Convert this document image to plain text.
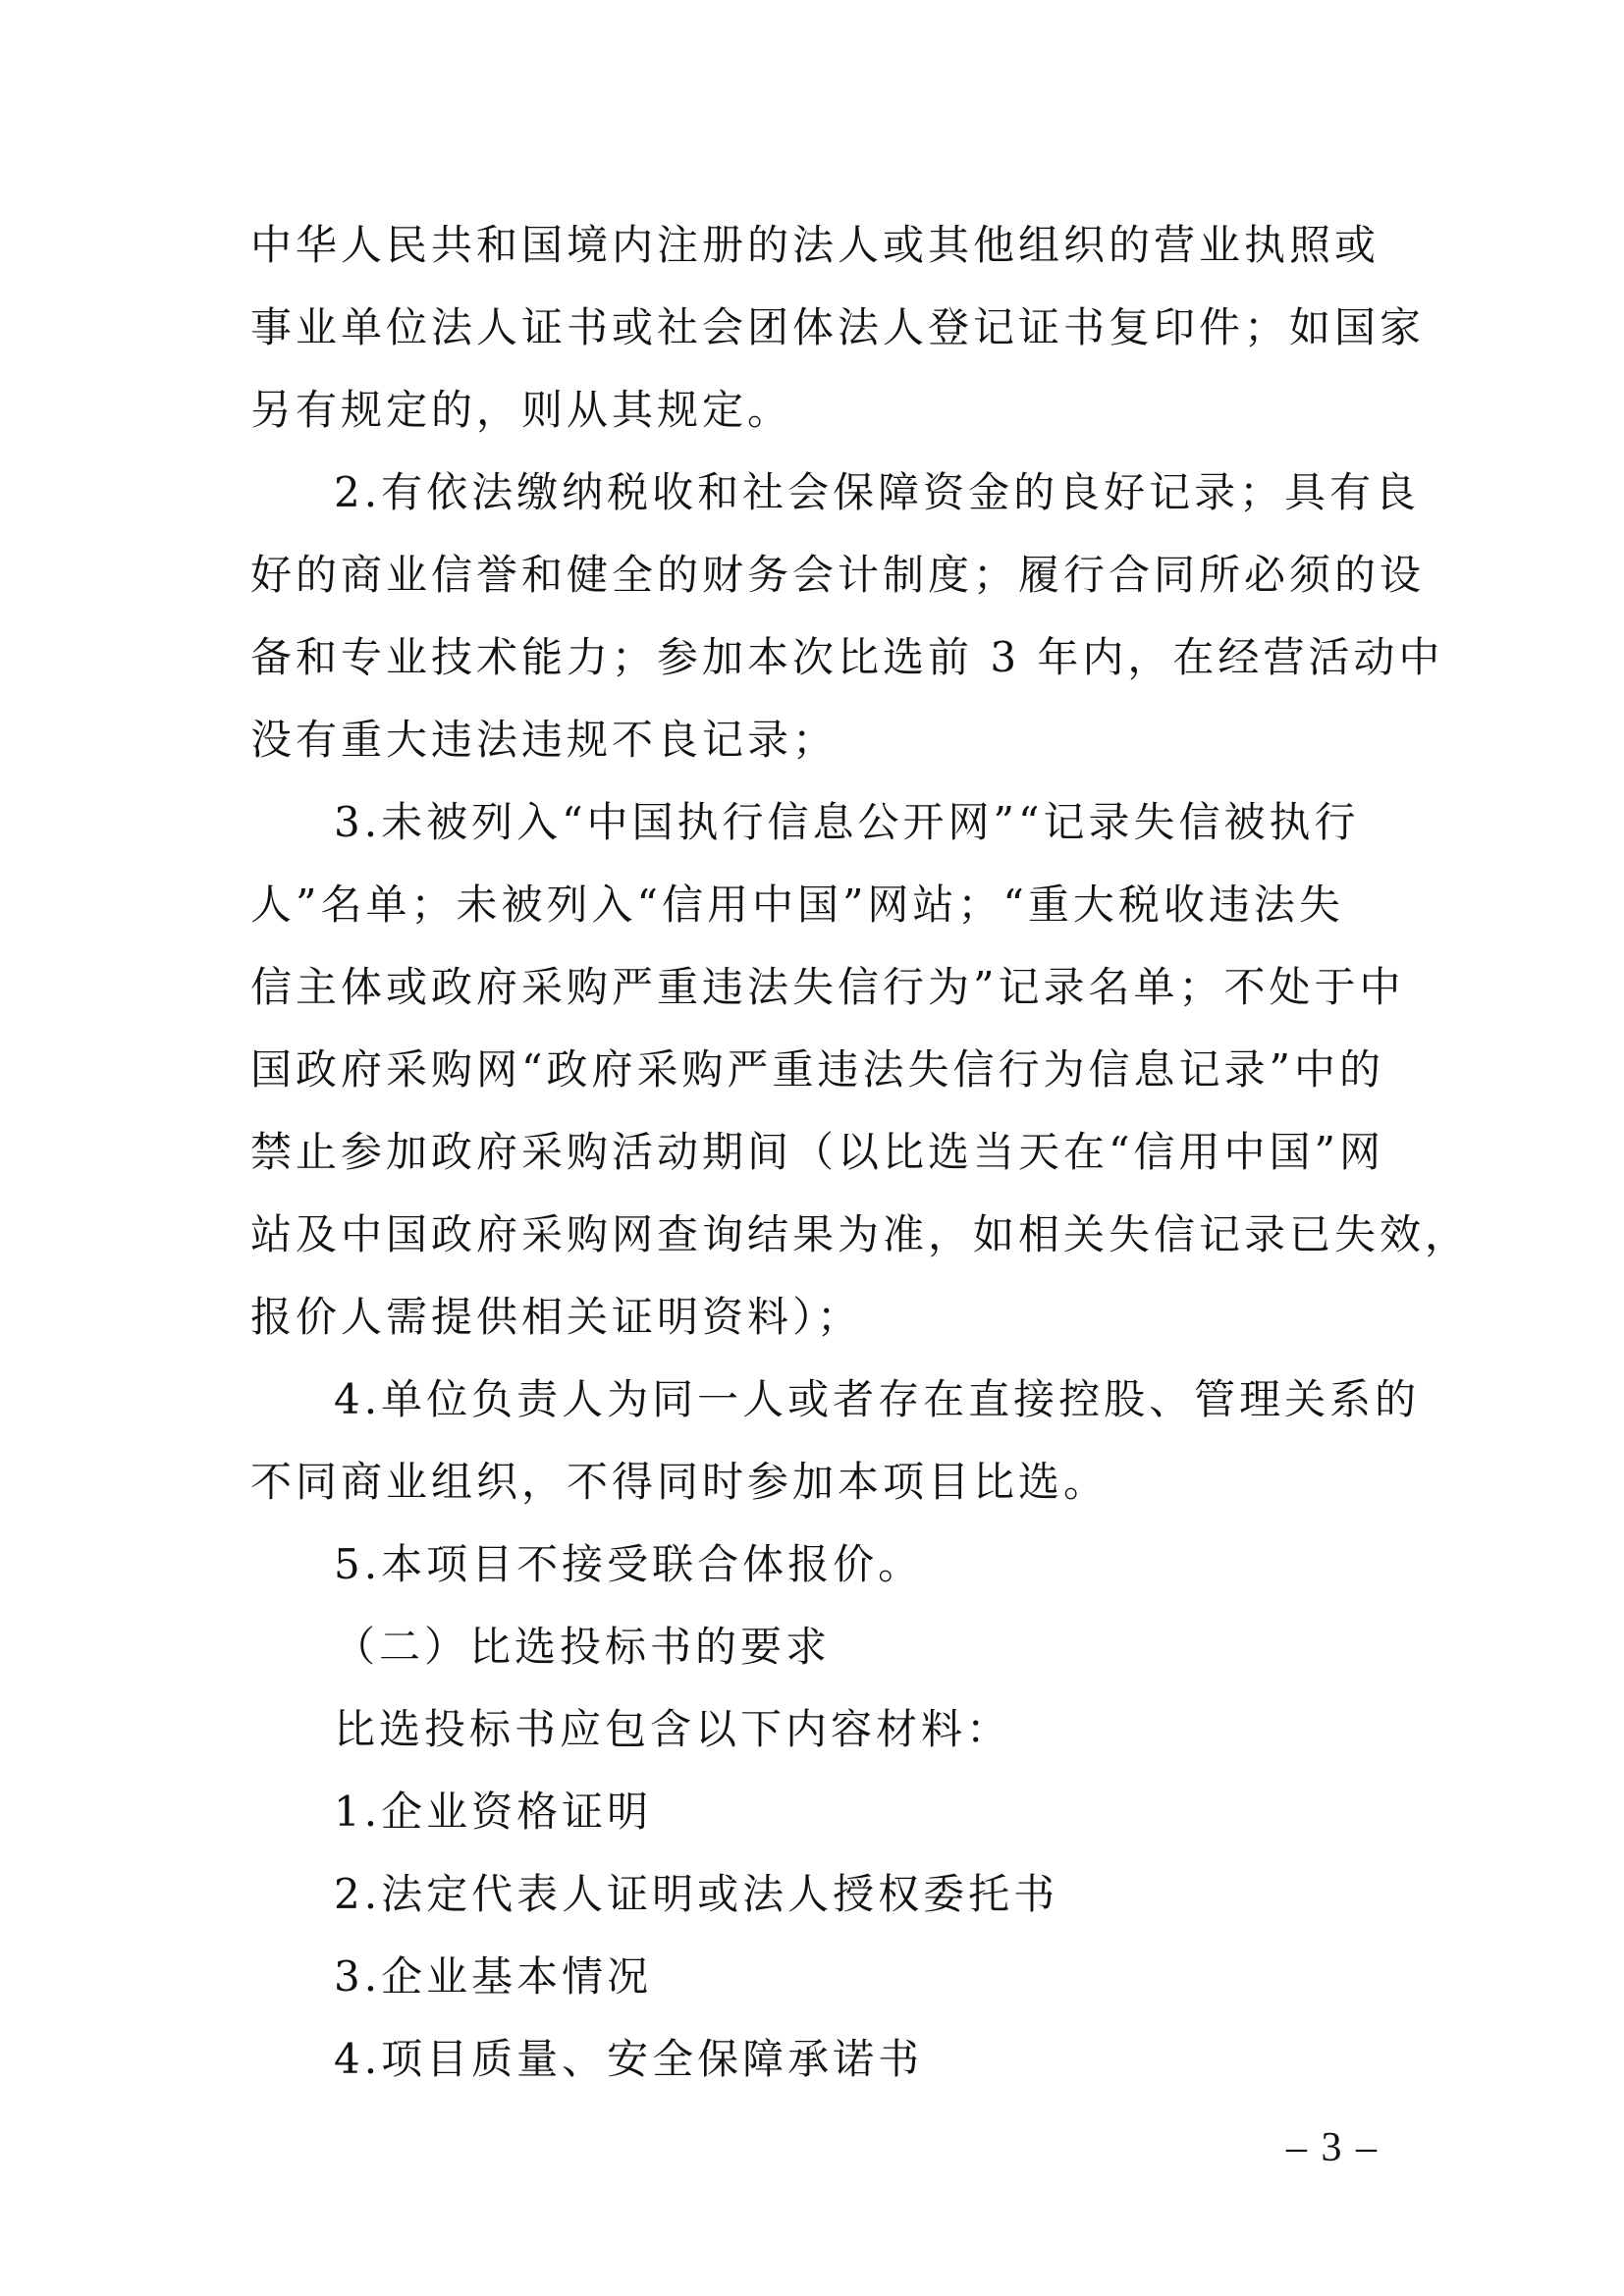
中华人民共和国境内注册的法人或其他组织的营业执照或
事业单位法人证书或社会团体法人登记证书复印件；如国家
另有规定的，则从其规定。
2.有依法缴纳税收和社会保障资金的良好记录；具有良
好的商业信誉和健全的财务会计制度；履行合同所必须的设
备和专业技术能力；参加本次比选前 3 年内，在经营活动中
没有重大违法违规不良记录；
3.未被列入“中国执行信息公开网”“记录失信被执行
人”名单；未被列入“信用中国”网站；“重大税收违法失
信主体或政府采购严重违法失信行为”记录名单；不处于中
国政府采购网“政府采购严重违法失信行为信息记录”中的
禁止参加政府采购活动期间（以比选当天在“信用中国”网
站及中国政府采购网查询结果为准，如相关失信记录已失效，
报价人需提供相关证明资料）；
4.单位负责人为同一人或者存在直接控股、管理关系的
不同商业组织，不得同时参加本项目比选。
5.本项目不接受联合体报价。
（二）比选投标书的要求
比选投标书应包含以下内容材料：
1.企业资格证明
2.法定代表人证明或法人授权委托书
3.企业基本情况
4.项目质量、安全保障承诺书
– 3 –
